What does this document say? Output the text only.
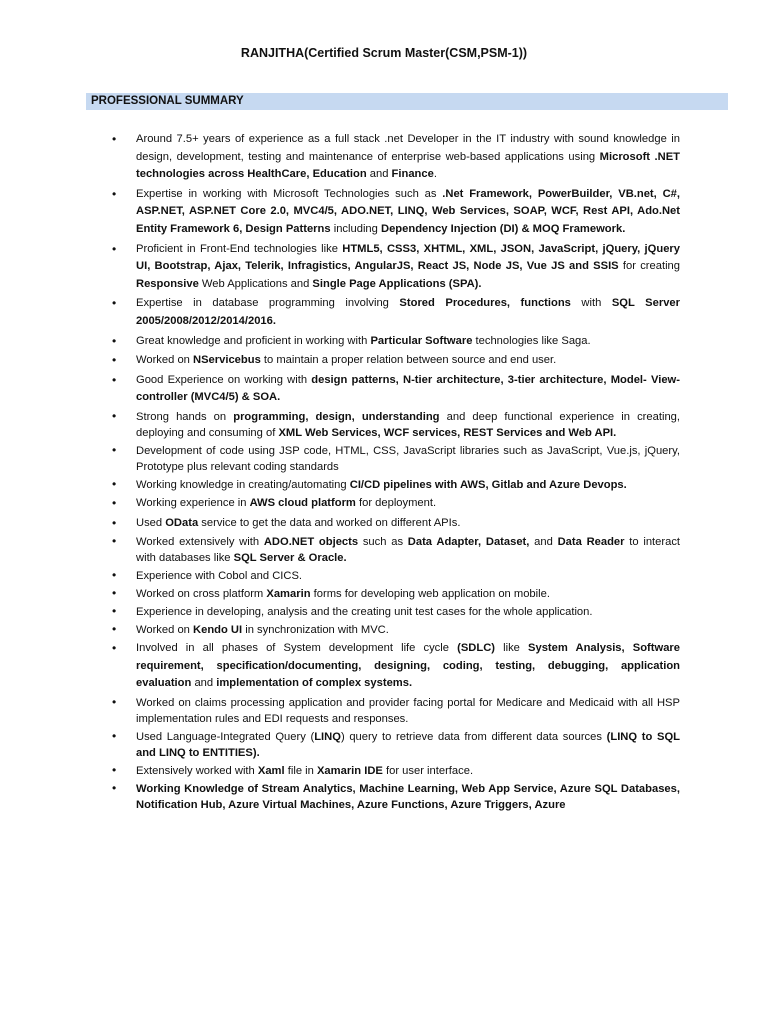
RANJITHA(Certified Scrum Master(CSM,PSM-1))
PROFESSIONAL SUMMARY
• Around 7.5+ years of experience as a full stack .net Developer in the IT industry with sound knowledge in design, development, testing and maintenance of enterprise web-based applications using Microsoft .NET technologies across HealthCare, Education and Finance.
• Expertise in working with Microsoft Technologies such as .Net Framework, PowerBuilder, VB.net, C#, ASP.NET, ASP.NET Core 2.0, MVC4/5, ADO.NET, LINQ, Web Services, SOAP, WCF, Rest API, Ado.Net Entity Framework 6, Design Patterns including Dependency Injection (DI) & MOQ Framework.
• Proficient in Front-End technologies like HTML5, CSS3, XHTML, XML, JSON, JavaScript, jQuery, jQuery UI, Bootstrap, Ajax, Telerik, Infragistics, AngularJS, React JS, Node JS, Vue JS and SSIS for creating Responsive Web Applications and Single Page Applications (SPA).
• Expertise in database programming involving Stored Procedures, functions with SQL Server 2005/2008/2012/2014/2016.
• Great knowledge and proficient in working with Particular Software technologies like Saga.
• Worked on NServicebus to maintain a proper relation between source and end user.
• Good Experience on working with design patterns, N-tier architecture, 3-tier architecture, Model- View- controller (MVC4/5) & SOA.
• Strong hands on programming, design, understanding and deep functional experience in creating, deploying and consuming of XML Web Services, WCF services, REST Services and Web API.
• Development of code using JSP code, HTML, CSS, JavaScript libraries such as JavaScript, Vue.js, jQuery, Prototype plus relevant coding standards
• Working knowledge in creating/automating CI/CD pipelines with AWS, Gitlab and Azure Devops.
• Working experience in AWS cloud platform for deployment.
• Used OData service to get the data and worked on different APIs.
• Worked extensively with ADO.NET objects such as Data Adapter, Dataset, and Data Reader to interact with databases like SQL Server & Oracle.
• Experience with Cobol and CICS.
• Worked on cross platform Xamarin forms for developing web application on mobile.
• Experience in developing, analysis and the creating unit test cases for the whole application.
• Worked on Kendo UI in synchronization with MVC.
• Involved in all phases of System development life cycle (SDLC) like System Analysis, Software requirement, specification/documenting, designing, coding, testing, debugging, application evaluation and implementation of complex systems.
• Worked on claims processing application and provider facing portal for Medicare and Medicaid with all HSP implementation rules and EDI requests and responses.
• Used Language-Integrated Query (LINQ) query to retrieve data from different data sources (LINQ to SQL and LINQ to ENTITIES).
• Extensively worked with Xaml file in Xamarin IDE for user interface.
• Working Knowledge of Stream Analytics, Machine Learning, Web App Service, Azure SQL Databases, Notification Hub, Azure Virtual Machines, Azure Functions, Azure Triggers, Azure
